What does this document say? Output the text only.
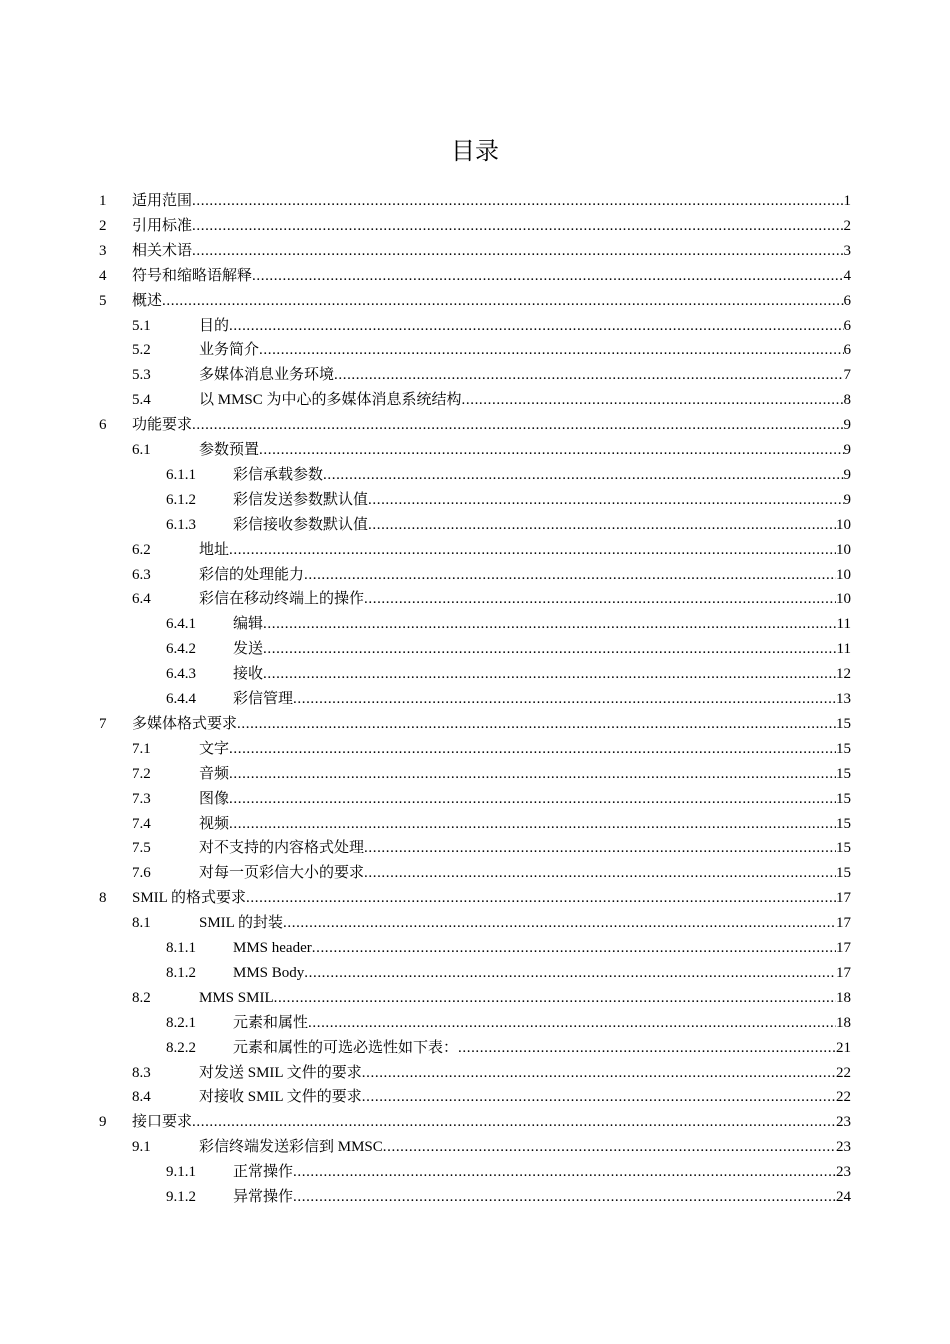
目录
1 适用范围 .....	1
2 引用标准 .....	2
3 相关术语 .....	3
4 符号和缩略语解释 .....	4
5 概述 .....	6
5.1	目的 .....	6
5.2	业务简介 .....	6
5.3	多媒体消息业务环境 .....	7
5.4	以 MMSC 为中心的多媒体消息系统结构 .....	8
6 功能要求 .....	9
6.1	参数预置 .....	9
6.1.1 彩信承载参数 .....	9
6.1.2 彩信发送参数默认值 .....	9
6.1.3 彩信接收参数默认值 .....	10
6.2	地址 .....	10
6.3	彩信的处理能力 .....	10
6.4	彩信在移动终端上的操作 .....	10
6.4.1 编辑 .....	11
6.4.2 发送 .....	11
6.4.3 接收 .....	12
6.4.4 彩信管理 .....	13
7 多媒体格式要求 .....	15
7.1	文字 .....	15
7.2	音频 .....	15
7.3	图像 .....	15
7.4	视频 .....	15
7.5	对不支持的内容格式处理 .....	15
7.6	对每一页彩信大小的要求 .....	15
8 SMIL 的格式要求 .....	17
8.1	SMIL 的封装 .....	17
8.1.1 MMS header .....	17
8.1.2 MMS Body .....	17
8.2	MMS SMIL .....	18
8.2.1 元素和属性 .....	18
8.2.2 元素和属性的可选必选性如下表： .....	21
8.3	对发送 SMIL 文件的要求 .....	22
8.4	对接收 SMIL 文件的要求 .....	22
9 接口要求 .....	23
9.1	彩信终端发送彩信到 MMSC .....	23
9.1.1 正常操作 .....	23
9.1.2 异常操作 .....	24
